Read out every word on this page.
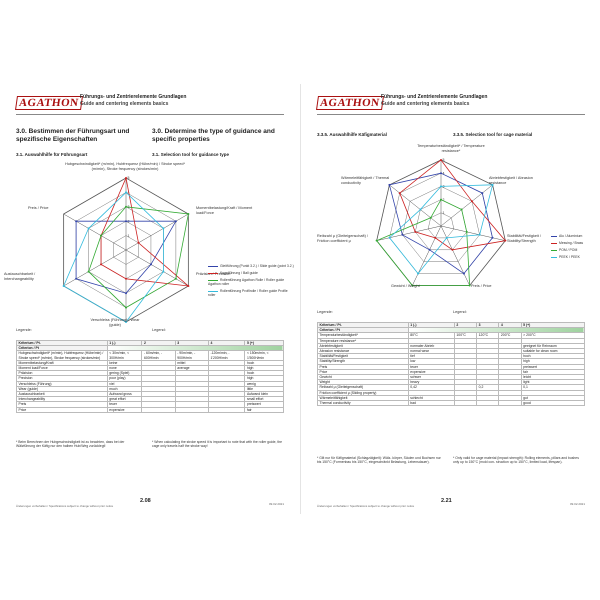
AGATHON Führungs- und Zentrierelemente Grundlagen
Guide and centering elements basics
3.0. Bestimmen der Führungsart und spezifische Eigenschaften
3.0. Determine the type of guidance and specific properties
3.1. Auswahlhilfe für Führungsart	3.1. Selection tool for guidance type
1
2
3
4
5
Hubgeschwindigkeit* (m/min), Hubfrequenz (Hübe/min) / Stroke speed* (m/min), Stroke frequency (strokes/min)
Momentbelastung/Kraft / Moment load/Force
Präzision / Precision
Verschleiss (Führung) / Wear (guide)
Austauschbarkeit / Interchangeability
Preis / Price
Gleitführung (Punkt 3.2.) / Slide guide (point 3.2.)
Kugelführung / Ball guide
Rollenführung Agathon Rolle / Roller guide Agathon roller
Rollenführung Profilrolle / Roller guide Profile roller
Legende:	Legend:
Kriterium / Pt.	1 (-)	2	3	4	5 (+)
Criterion / Pt					
Hubgeschwindigkeit* (m/min), Hubfrequenz (Hübe/min) / Stroke speed* (m/min), Stroke frequency (strokes/min)	< 30m/min, < 300H/min	- 60m/min, - 600H/min	- 90m/min, - 900H/min	-120m/min, - 1'200H/min	< 150m/min, < 1'500H/min
Momentbelastung/Kraft	keine		mittel		hoch
Moment load/Force	none		average		high
Präzision	gering (Spiel)				hoch
Precision	poor (play)				high
Verschleiss (Führung)	viel				wenig
Wear (guide)	much				little
Austauschbarkeit	Aufwand gross				Aufwand klein
Interchangeability	great effort				small effort
Preis	teuer				preiswert
Price	expensive				fair
* Beim Berechnen der Hubgeschwindigkeit ist zu beachten, dass bei der Wälzführung der Käfig nur den halben Hub/Weg zurücklegt!
* When calculating the stroke speed it is important to note that with the roller guide, the cage only travels half the stroke way!
2.08
Änderungen vorbehalten / Specifications subject to change without prior notice	09.02.2021
AGATHON Führungs- und Zentrierelemente Grundlagen
Guide and centering elements basics
3.3.5. Auswahlhilfe Käfigmaterial	3.3.5. Selection tool for cage material
1
2
3
4
5
Temperaturbeständigkeit* / Temperature resistance*
Abriebfestigkeit / Abrasion resistance
Stabilität/Festigkeit / Stability/Strength
Preis / Price
Gewicht / Weight
Reibzahl μ (Gleiteigenschaft) / Friction coefficient μ
Wärmeleitfähigkeit / Thermal conductivity
Alu / Aluminium
Messing / Brass
POM / POM
PEEK / PEEK
Legende:	Legend:
Kriterium / Pt.	1 (-)	2	3	4	5 (+)
Criterion / Pt					
Temperaturbeständigkeit*	80°C	100°C	120°C	200°C	> 200°C
Temperature resistance*					
Abriebfestigkeit	normaler Abrieb				geeignet für Reinraum
Abrasion resistance	normal wear				suitable for clean room
Stabilität/Festigkeit	tief				hoch
Stability/Strength	low				high
Preis	teuer				preiswert
Price	expensive				fair
Gewicht	schwer				leicht
Weight	heavy				light
Reibzahl μ (Gleiteigenschaft)	0,42		0,2		0,1
Friction coefficient μ (Sliding property)					
Wärmeleitfähigkeit	schlecht				gut
Thermal conductivity	bad				good
* Gilt nur für Käfigmaterial (Schlagzäigkeit): Wälz- körper, Säulen und Buchsen nur bis 150°C (Formenbau bis 150°C, eingeschränkt Belastung, Lebensdauer).
* Only valid for cage material (impact strength): Rolling elements, pillars and bushes only up to 150°C (mold con- struction up to 150°C, limited load, lifespan).
2.21
Änderungen vorbehalten / Specifications subject to change without prior notice	09.02.2021
